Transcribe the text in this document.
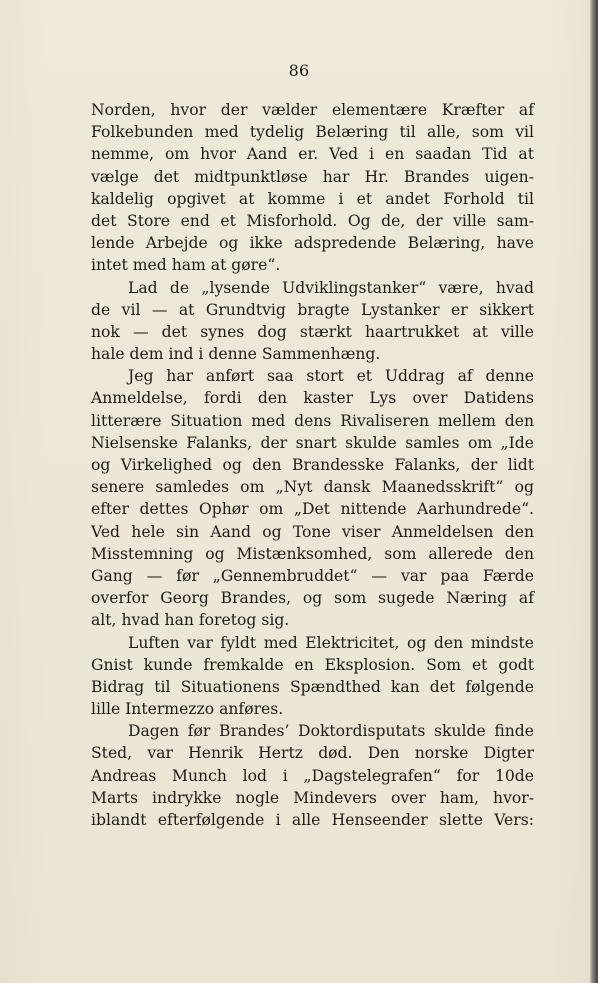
86
Norden, hvor der vælder elementære Kræfter af
Folkebunden med tydelig Belæring til alle, som vil
nemme, om hvor Aand er. Ved i en saadan Tid at
vælge det midtpunktløse har Hr. Brandes uigen-
kaldelig opgivet at komme i et andet Forhold til
det Store end et Misforhold. Og de, der ville sam-
lende Arbejde og ikke adspredende Belæring, have
intet med ham at gøre“.
Lad de „lysende Udviklingstanker“ være, hvad
de vil — at Grundtvig bragte Lystanker er sikkert
nok — det synes dog stærkt haartrukket at ville
hale dem ind i denne Sammenhæng.
Jeg har anført saa stort et Uddrag af denne
Anmeldelse, fordi den kaster Lys over Datidens
litterære Situation med dens Rivaliseren mellem den
Nielsenske Falanks, der snart skulde samles om „Ide
og Virkelighed og den Brandesske Falanks, der lidt
senere samledes om „Nyt dansk Maanedsskrift“ og
efter dettes Ophør om „Det nittende Aarhundrede“.
Ved hele sin Aand og Tone viser Anmeldelsen den
Misstemning og Mistænksomhed, som allerede den
Gang — før „Gennembruddet“ — var paa Færde
overfor Georg Brandes, og som sugede Næring af
alt, hvad han foretog sig.
Luften var fyldt med Elektricitet, og den mindste
Gnist kunde fremkalde en Eksplosion. Som et godt
Bidrag til Situationens Spændthed kan det følgende
lille Intermezzo anføres.
Dagen før Brandes’ Doktordisputats skulde finde
Sted, var Henrik Hertz død. Den norske Digter
Andreas Munch lod i „Dagstelegrafen“ for 10de
Marts indrykke nogle Mindevers over ham, hvor-
iblandt efterfølgende i alle Henseender slette Vers:
